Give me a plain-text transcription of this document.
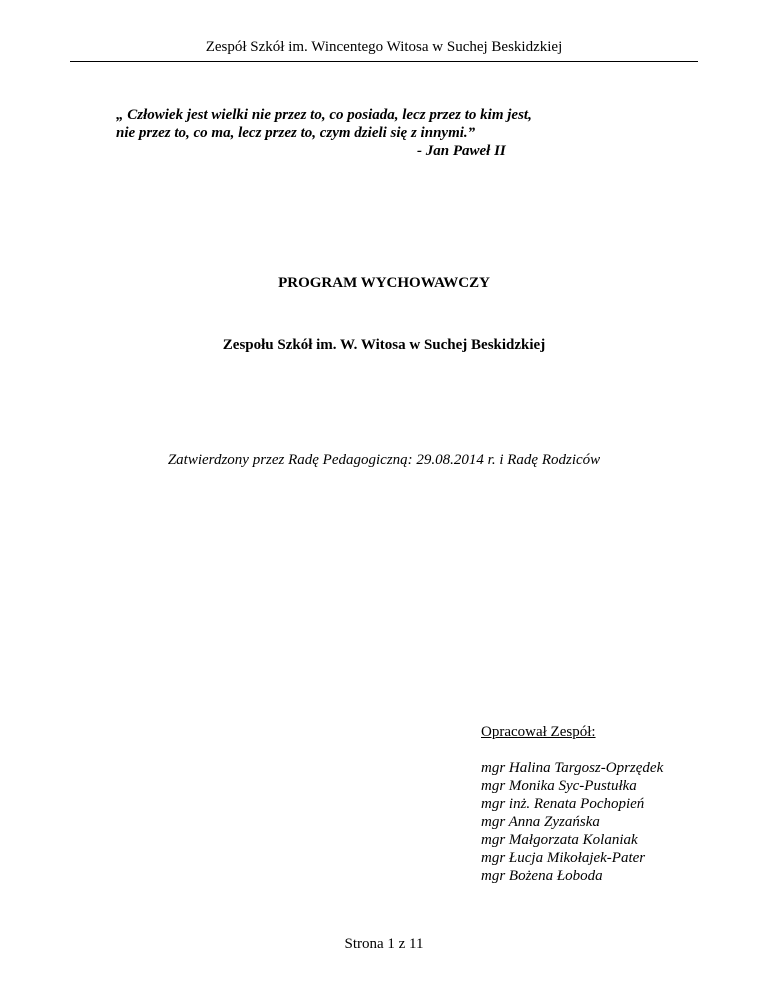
Zespół Szkół im. Wincentego Witosa w Suchej Beskidzkiej
„ Człowiek jest wielki nie przez to, co posiada, lecz przez to kim jest,
nie przez to, co ma, lecz przez to, czym dzieli się z innymi.”
- Jan Paweł II
PROGRAM WYCHOWAWCZY
Zespołu Szkół im. W. Witosa w Suchej Beskidzkiej
Zatwierdzony przez Radę Pedagogiczną: 29.08.2014 r. i Radę Rodziców
Opracował Zespół:
mgr Halina Targosz-Oprzędek
mgr Monika Syc-Pustułka
mgr inż. Renata Pochopień
mgr Anna Zyzańska
mgr Małgorzata Kolaniak
mgr Łucja Mikołajek-Pater
mgr Bożena Łoboda
Strona 1 z 11
